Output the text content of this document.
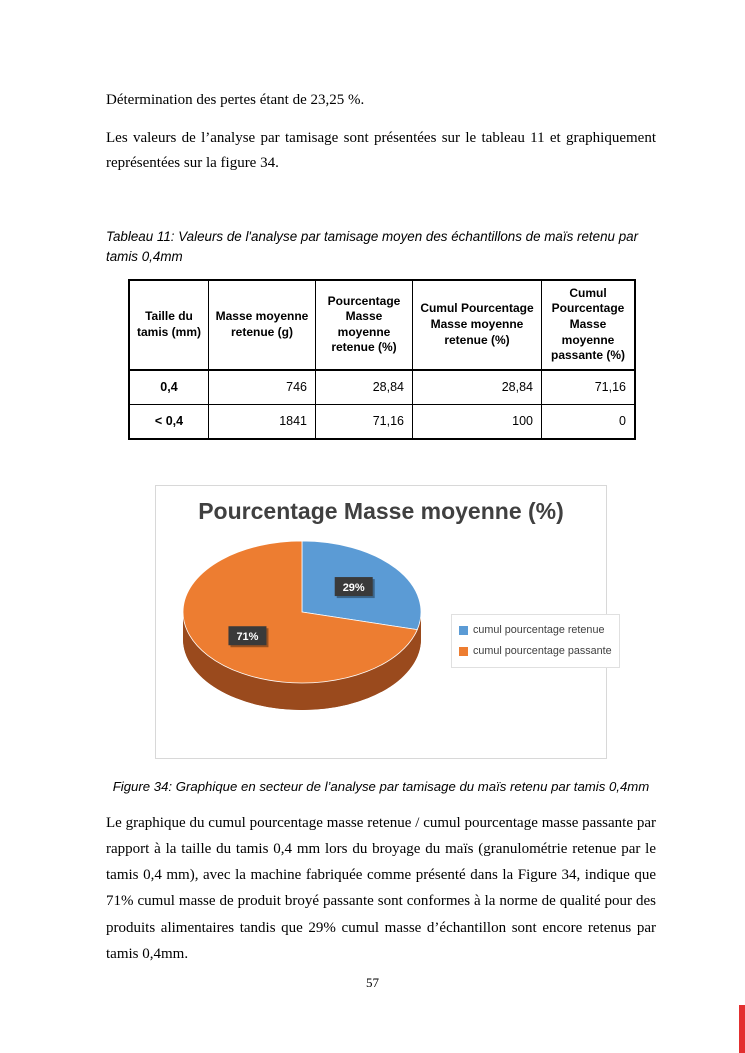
Détermination des pertes étant de 23,25 %.

Les valeurs de l’analyse par tamisage sont présentées sur le tableau 11 et graphiquement représentées sur la figure 34.

Tableau 11: Valeurs de l'analyse par tamisage moyen des échantillons de maïs retenu par tamis 0,4mm

Taille du tamis (mm)	Masse moyenne retenue (g)	Pourcentage Masse moyenne retenue (%)	Cumul Pourcentage Masse moyenne retenue (%)	Cumul Pourcentage Masse moyenne passante (%)
0,4	746	28,84	28,84	71,16
< 0,4	1841	71,16	100	0
Pourcentage Masse moyenne (%)
29%
71%
cumul pourcentage retenue
cumul pourcentage passante

Figure 34: Graphique en secteur de l’analyse par tamisage du maïs retenu par tamis 0,4mm

Le graphique du cumul pourcentage masse retenue / cumul pourcentage masse passante par rapport à la taille du tamis 0,4 mm lors du broyage du maïs (granulométrie retenue par le tamis 0,4 mm), avec la machine fabriquée comme présenté dans la Figure 34, indique que 71% cumul masse de produit broyé passante sont conformes à la norme de qualité pour des produits alimentaires tandis que 29% cumul masse d’échantillon sont encore retenus par tamis 0,4mm.

57
